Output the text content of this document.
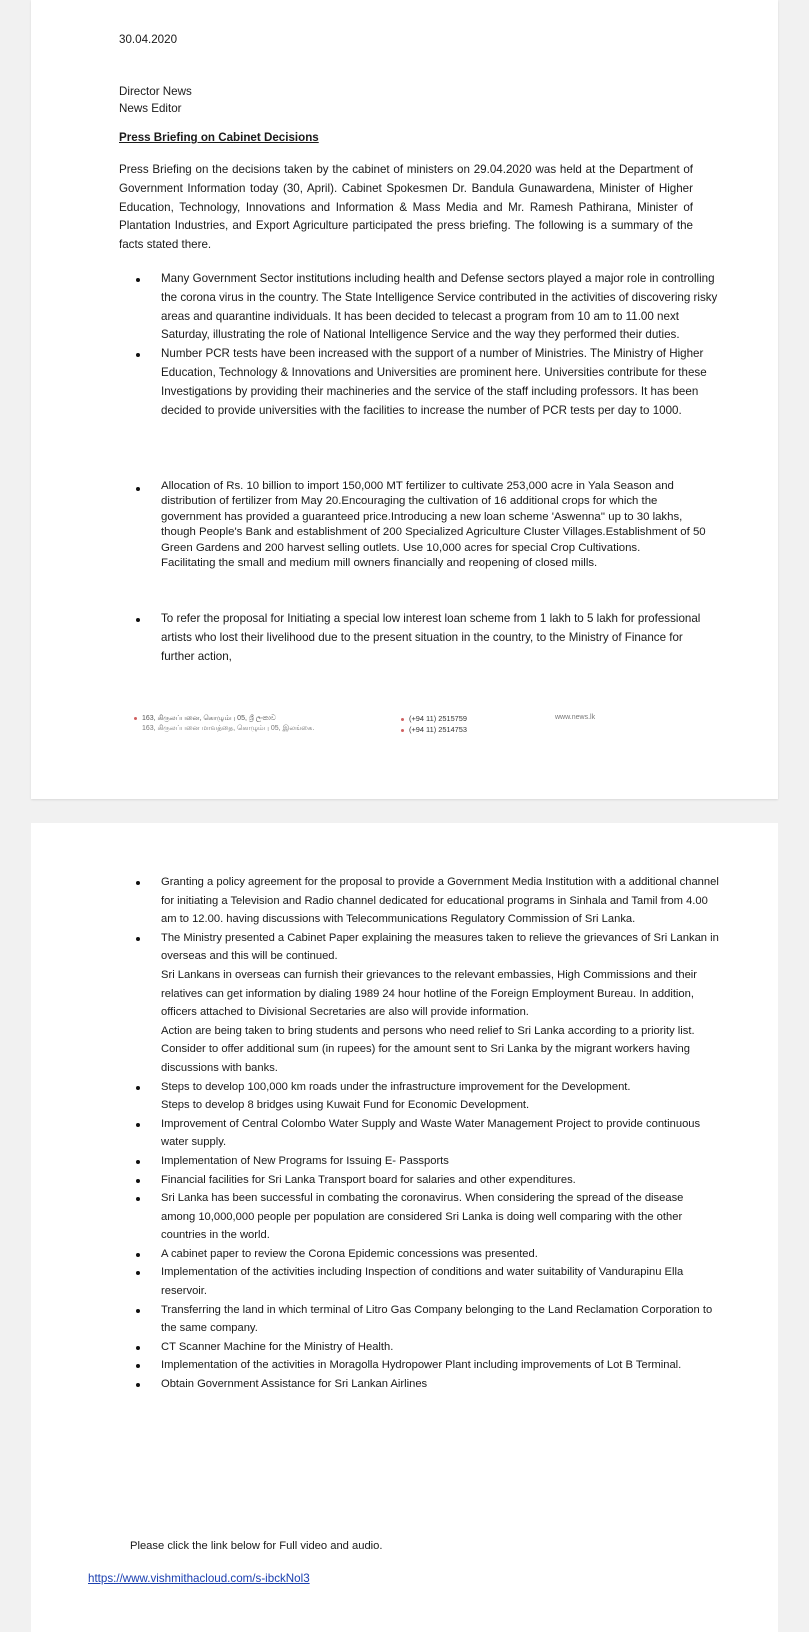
30.04.2020
Director News
News Editor
Press Briefing on Cabinet Decisions
Press Briefing on the decisions taken by the cabinet of ministers on 29.04.2020 was held at the Department of Government Information today (30, April). Cabinet Spokesmen Dr. Bandula Gunawardena, Minister of Higher Education, Technology, Innovations and Information & Mass Media and Mr. Ramesh Pathirana, Minister of Plantation Industries, and Export Agriculture participated the press briefing. The following is a summary of the facts stated there.
Many Government Sector institutions including health and Defense sectors played a major role in controlling the corona virus in the country. The State Intelligence Service contributed in the activities of discovering risky areas and quarantine individuals. It has been decided to telecast a program from 10 am to 11.00 next Saturday, illustrating the role of National Intelligence Service and the way they performed their duties.
Number PCR tests have been increased with the support of a number of Ministries. The Ministry of Higher Education, Technology & Innovations and Universities are prominent here. Universities contribute for these Investigations by providing their machineries and the service of the staff including professors. It has been decided to provide universities with the facilities to increase the number of PCR tests per day to 1000.
Allocation of Rs. 10 billion to import 150,000 MT fertilizer to cultivate 253,000 acre in Yala Season and distribution of fertilizer from May 20.Encouraging the cultivation of 16 additional crops for which the government has provided a guaranteed price.Introducing a new loan scheme 'Aswenna'' up to 30 lakhs, though People's Bank and establishment of 200 Specialized Agriculture Cluster Villages.Establishment of 50 Green Gardens and 200 harvest selling outlets. Use 10,000 acres for special Crop Cultivations.
Facilitating the small and medium mill owners financially and reopening of closed mills.
To refer the proposal for Initiating a special low interest loan scheme from 1 lakh to 5 lakh for professional artists who lost their livelihood due to the present situation in the country, to the Ministry of Finance for further action,
163, கிருலப்பனை, கொழும்பு 05, ශ්‍රී ලංකාව
163, கிருலப்பனை மாவத்தை, கொழும்பு 05, இலங்கை.
(+94 11) 2515759
(+94 11) 2514753
www.news.lk
Granting a policy agreement for the proposal to provide a Government Media Institution with a additional channel for initiating a Television and Radio channel dedicated for educational programs in Sinhala and Tamil from 4.00 am to 12.00. having discussions with Telecommunications Regulatory Commission of Sri Lanka.
The Ministry presented a Cabinet Paper explaining the measures taken to relieve the grievances of Sri Lankan in overseas and this will be continued.
Sri Lankans in overseas can furnish their grievances to the relevant embassies, High Commissions and their relatives can get information by dialing 1989 24 hour hotline of the Foreign Employment Bureau. In addition, officers attached to Divisional Secretaries are also will provide information.
Action are being taken to bring students and persons who need relief to Sri Lanka according to a priority list.
Consider to offer additional sum (in rupees) for the amount sent to Sri Lanka by the migrant workers having discussions with banks.
Steps to develop 100,000 km roads under the infrastructure improvement for the Development.
Steps to develop 8 bridges using Kuwait Fund for Economic Development.
Improvement of Central Colombo Water Supply and Waste Water Management Project to provide continuous water supply.
Implementation of New Programs for Issuing E- Passports
Financial facilities for Sri Lanka Transport board for salaries and other expenditures.
Sri Lanka has been successful in combating the coronavirus. When considering the spread of the disease among 10,000,000 people per population are considered Sri Lanka is doing well comparing with the other countries in the world.
A cabinet paper to review the Corona Epidemic concessions was presented.
Implementation of the activities including Inspection of conditions and water suitability of Vandurapinu Ella reservoir.
Transferring the land in which terminal of Litro Gas Company belonging to the Land Reclamation Corporation to the same company.
CT Scanner Machine for the Ministry of Health.
Implementation of the activities in Moragolla Hydropower Plant including improvements of Lot B Terminal.
Obtain Government Assistance for Sri Lankan Airlines
Please click the link below for Full video and audio.
https://www.vishmithacloud.com/s-ibckNol3
